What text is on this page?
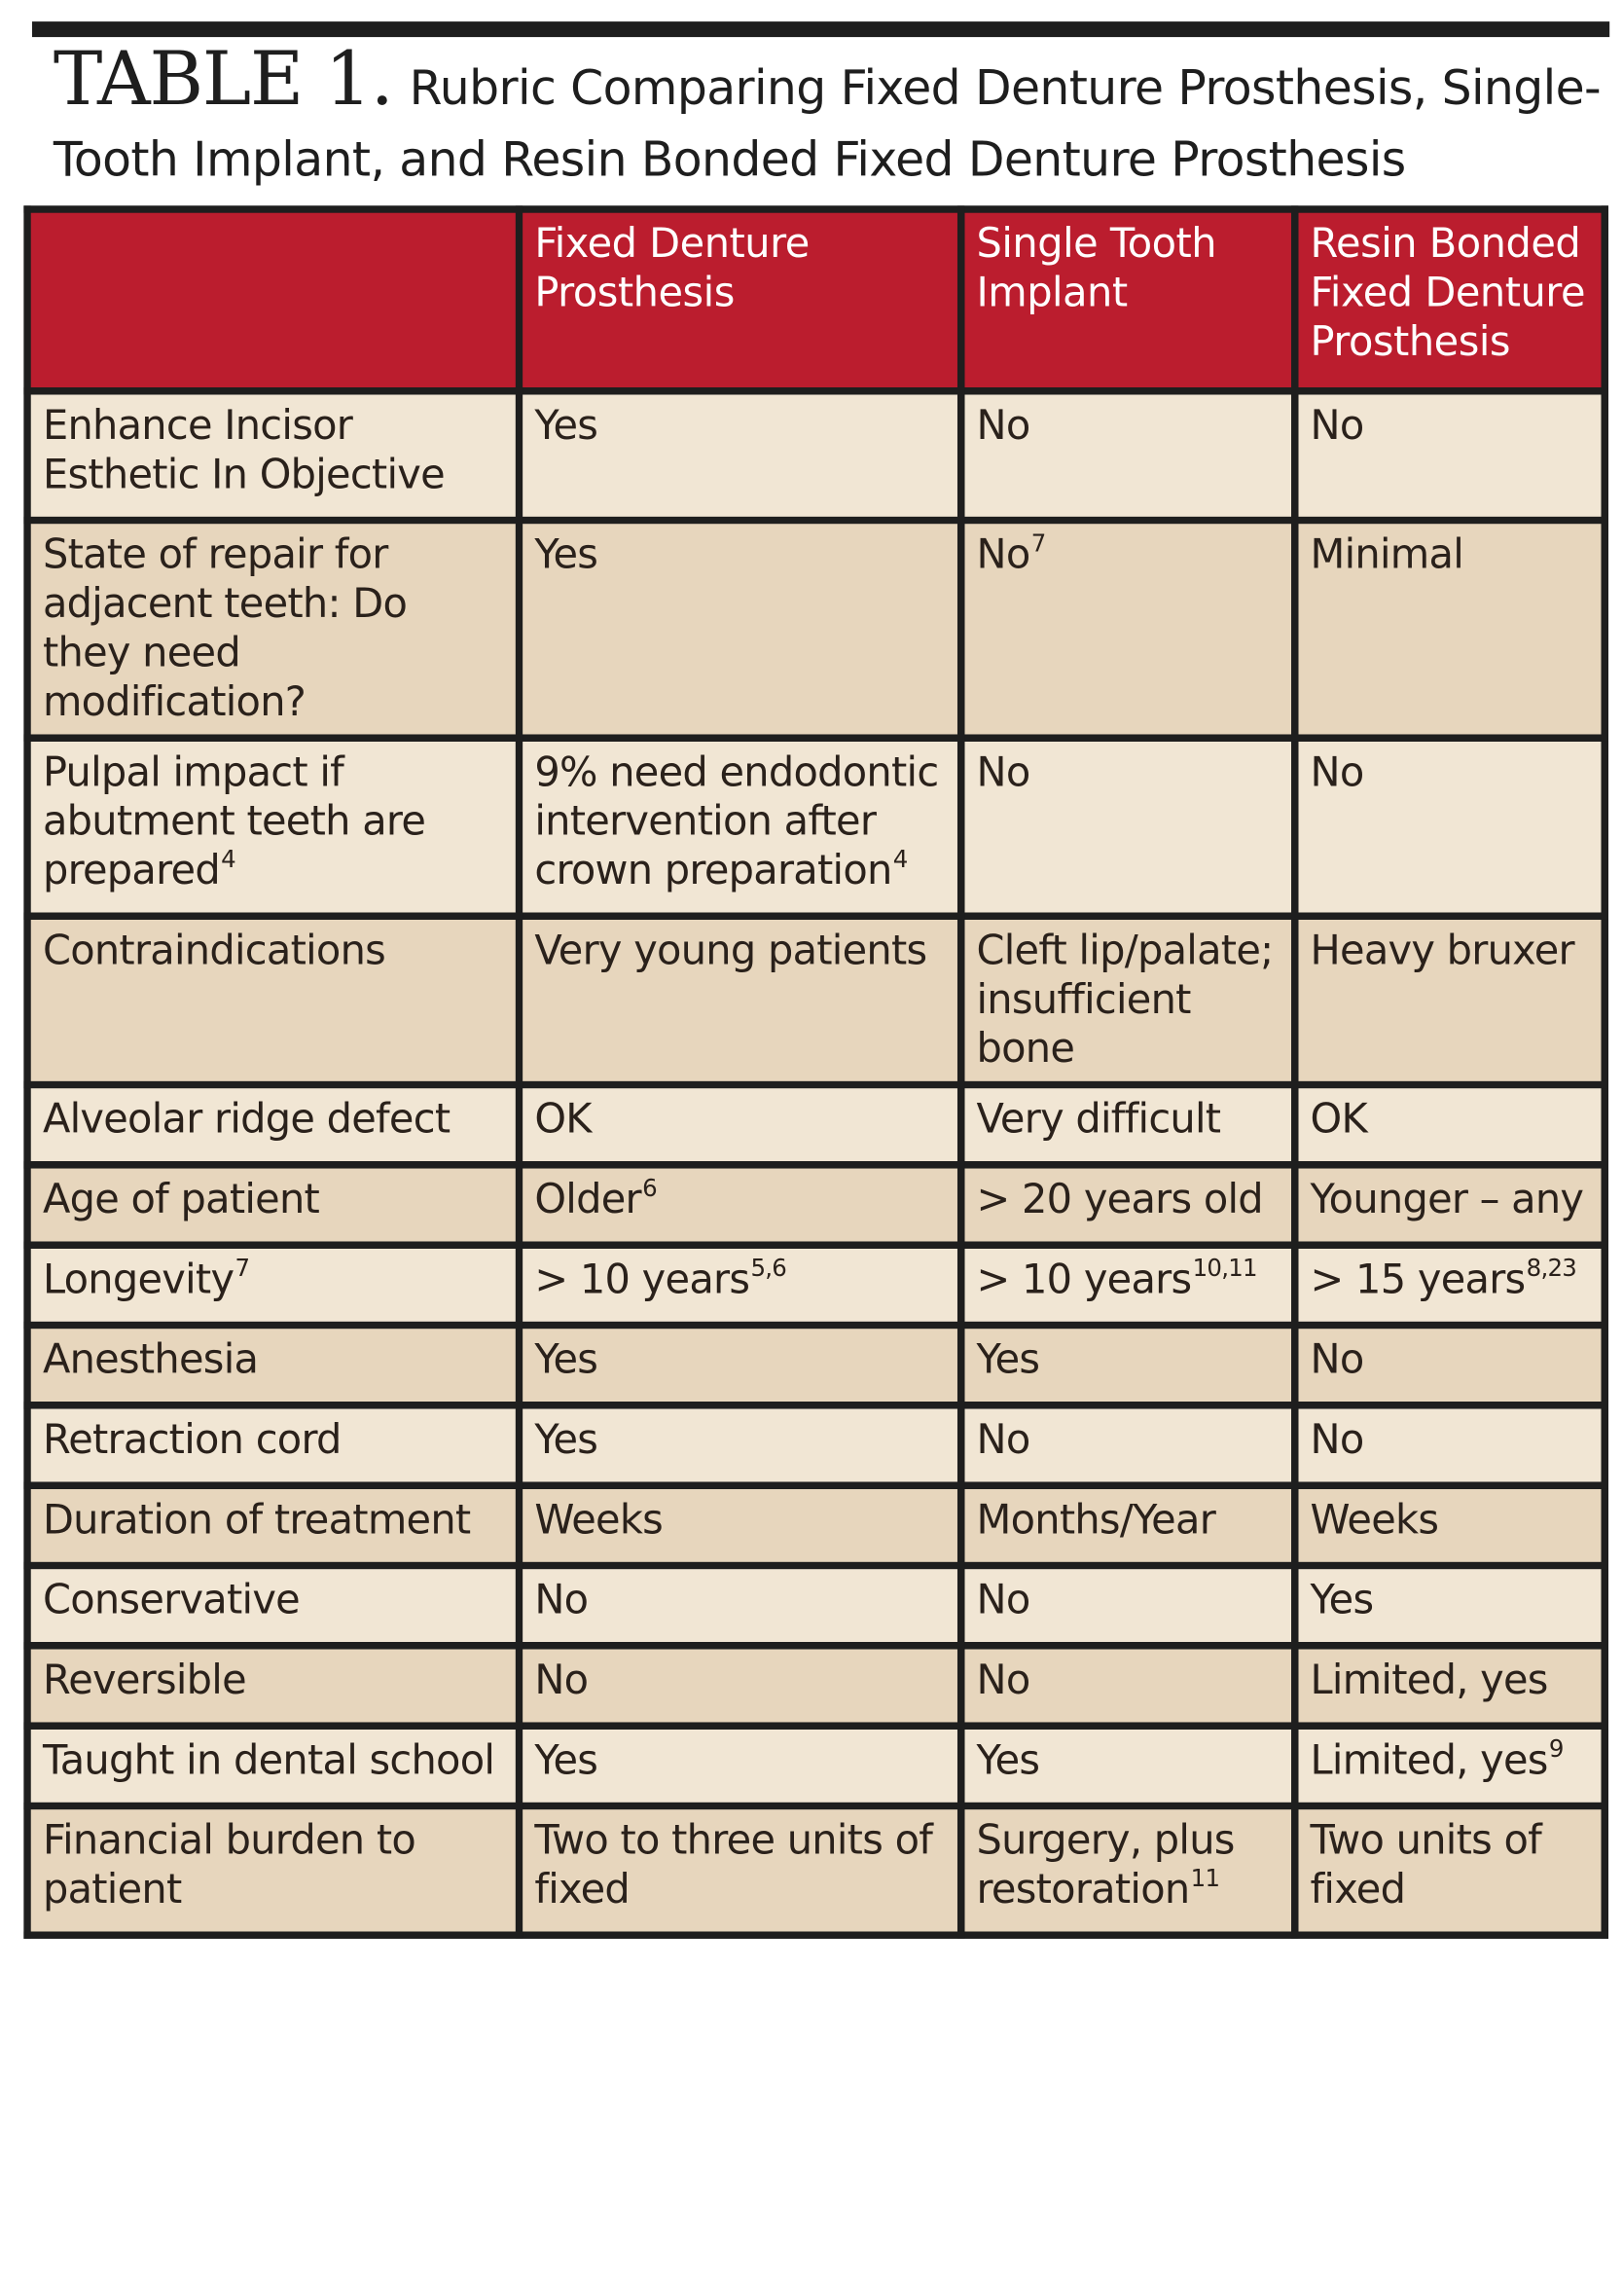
TABLE 1. Rubric Comparing Fixed Denture Prosthesis, Single-Tooth Implant, and Resin Bonded Fixed Denture Prosthesis
	Fixed Denture Prosthesis	Single Tooth Implant	Resin Bonded Fixed Denture Prosthesis
Enhance Incisor Esthetic In Objective	Yes	No	No
State of repair for adjacent teeth: Do they need modification?	Yes	No$^7$	Minimal
Pulpal impact if abutment teeth are prepared$^4$	9% need endodontic intervention after crown preparation$^4$	No	No
Contraindications	Very young patients	Cleft lip/palate; insufficient bone	Heavy bruxer
Alveolar ridge defect	OK	Very difficult	OK
Age of patient	Older$^6$	> 20 years old	Younger – any
Longevity$^7$	> 10 years$^{5,6}$	> 10 years$^{10,11}$	> 15 years$^{8,23}$
Anesthesia	Yes	Yes	No
Retraction cord	Yes	No	No
Duration of treatment	Weeks	Months/Year	Weeks
Conservative	No	No	Yes
Reversible	No	No	Limited, yes
Taught in dental school	Yes	Yes	Limited, yes$^9$
Financial burden to patient	Two to three units of fixed	Surgery, plus restoration$^{11}$	Two units of fixed
